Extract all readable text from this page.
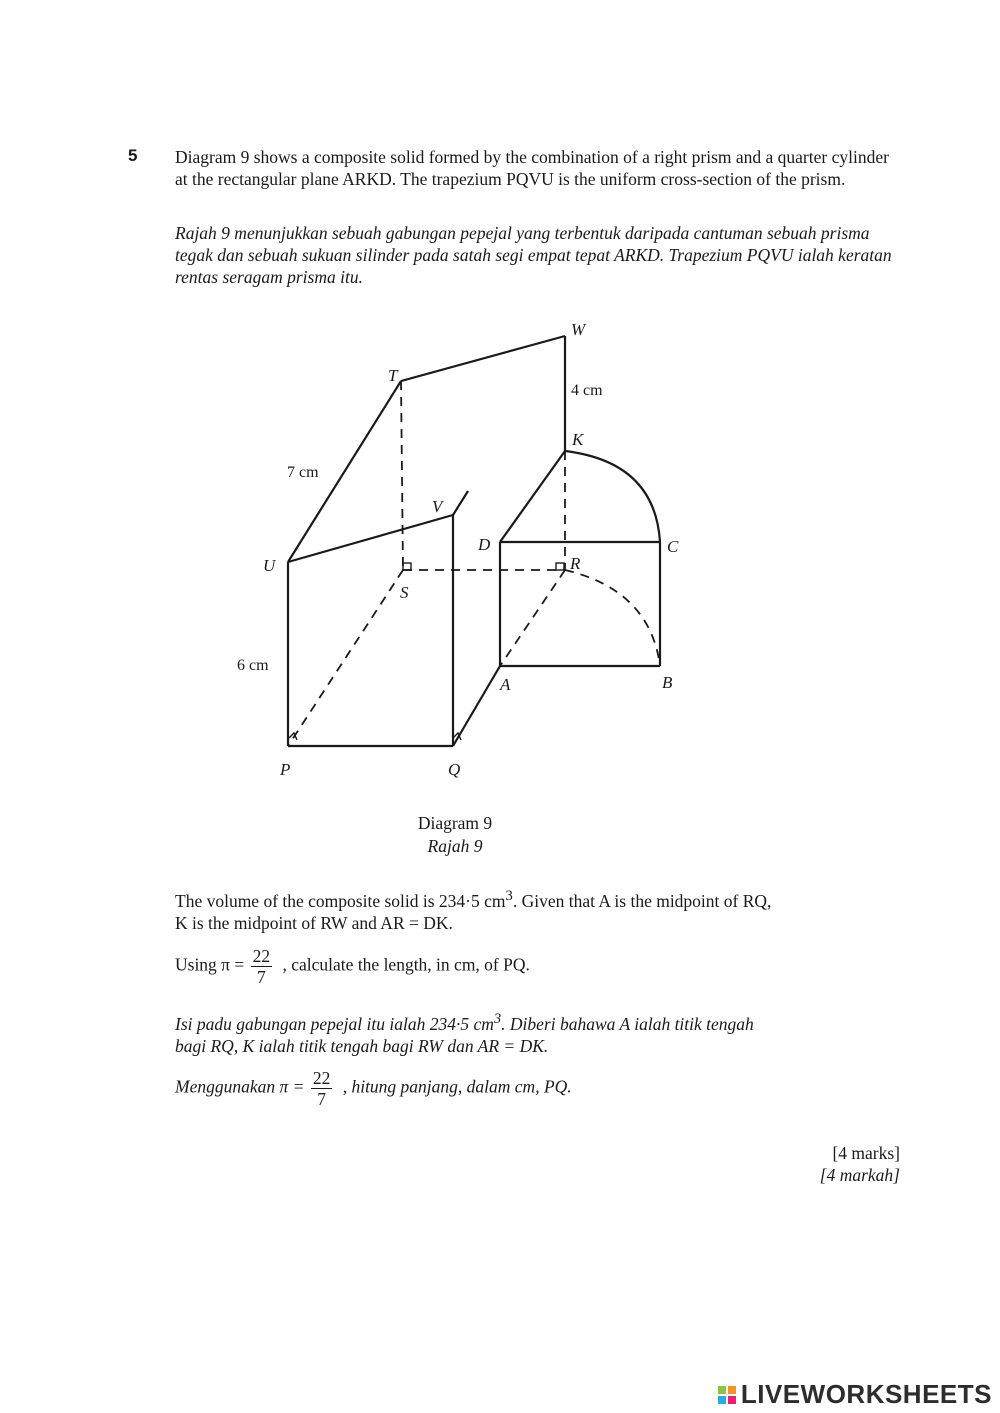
5 Diagram 9 shows a composite solid formed by the combination of a right prism and a quarter cylinder at the rectangular plane ARKD. The trapezium PQVU is the uniform cross-section of the prism.

Rajah 9 menunjukkan sebuah gabungan pepejal yang terbentuk daripada cantuman sebuah prisma tegak dan sebuah sukuan silinder pada satah segi empat tepat ARKD. Trapezium PQVU ialah keratan rentas seragam prisma itu.

W
T
K
V
D	C
U	R
S
A	B
P	Q
4 cm
7 cm
6 cm
Diagram 9
Rajah 9

The volume of the composite solid is 234·5 $cm^3$. Given that A is the midpoint of RQ,

K is the midpoint of RW and AR = DK.

Using $\pi = \frac{22}{7}$ , calculate the length, in cm, of PQ.

Isi padu gabungan pepejal itu ialah 234·5 $cm^3$. Diberi bahawa A ialah titik tengah

bagi RQ, K ialah titik tengah bagi RW dan AR = DK.

Menggunakan $\pi = \frac{22}{7}$ , hitung panjang, dalam cm, PQ.
[4 marks]
[4 markah]
LIVEWORKSHEETS
